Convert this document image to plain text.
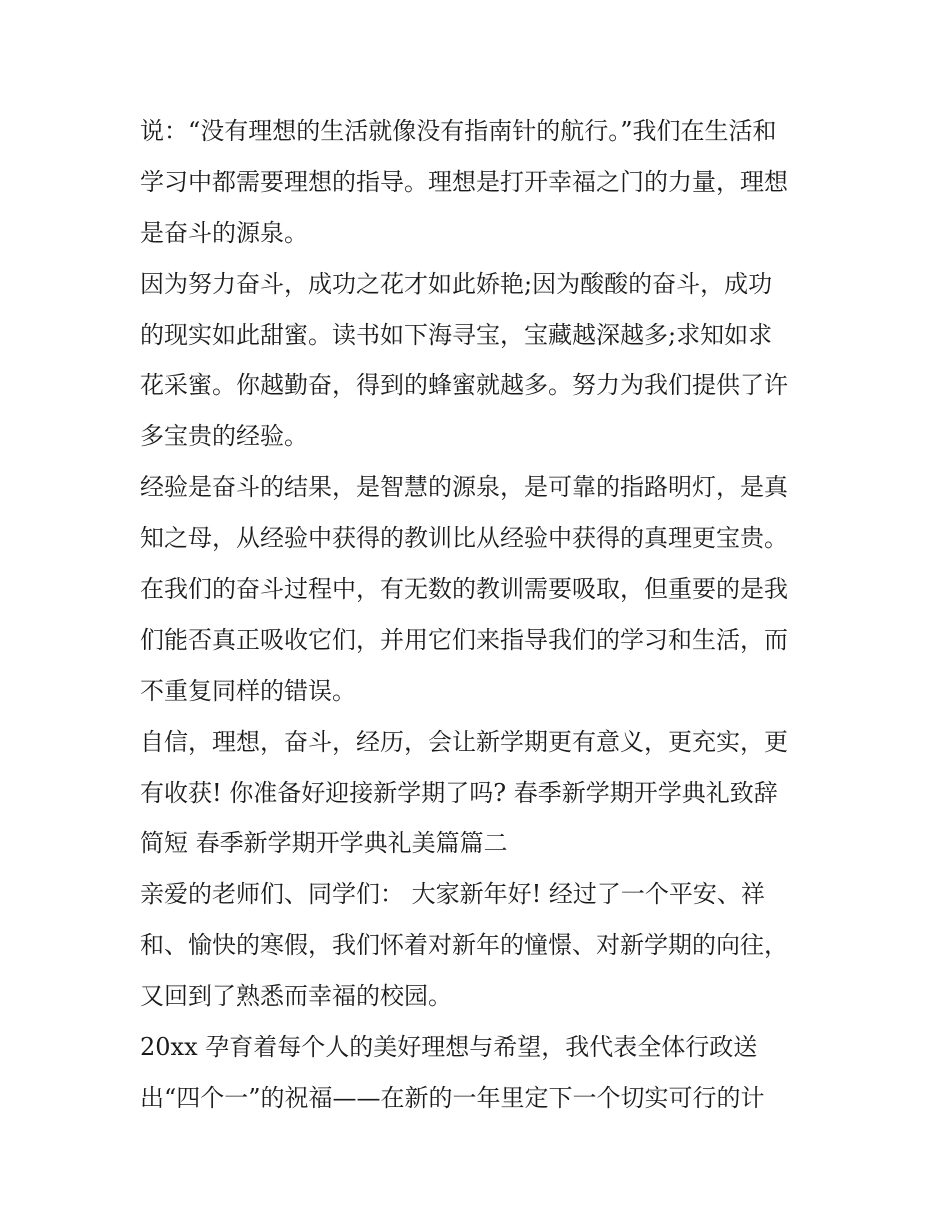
说：“没有理想的生活就像没有指南针的航行。”我们在生活和
学习中都需要理想的指导。理想是打开幸福之门的力量，理想
是奋斗的源泉。
因为努力奋斗，成功之花才如此娇艳;因为酸酸的奋斗，成功
的现实如此甜蜜。读书如下海寻宝，宝藏越深越多;求知如求
花采蜜。你越勤奋，得到的蜂蜜就越多。努力为我们提供了许
多宝贵的经验。
经验是奋斗的结果，是智慧的源泉，是可靠的指路明灯，是真
知之母，从经验中获得的教训比从经验中获得的真理更宝贵。
在我们的奋斗过程中，有无数的教训需要吸取，但重要的是我
们能否真正吸收它们，并用它们来指导我们的学习和生活，而
不重复同样的错误。
自信，理想，奋斗，经历，会让新学期更有意义，更充实，更
有收获! 你准备好迎接新学期了吗? 春季新学期开学典礼致辞
简短 春季新学期开学典礼美篇篇二
亲爱的老师们、同学们： 大家新年好! 经过了一个平安、祥
和、愉快的寒假，我们怀着对新年的憧憬、对新学期的向往，
又回到了熟悉而幸福的校园。
20xx 孕育着每个人的美好理想与希望，我代表全体行政送
出“四个一”的祝福——在新的一年里定下一个切实可行的计
